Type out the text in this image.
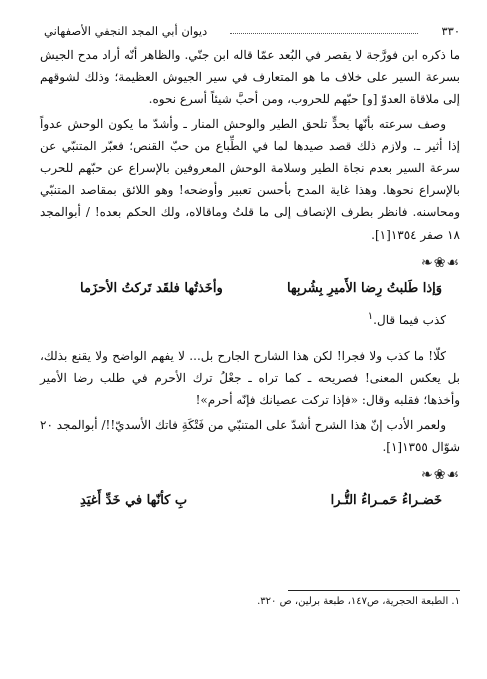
٣٣٠
ديوان أبي المجد النجفي الأصفهاني

ما ذكره ابن فورَّجة لا يقصر في البُعد عمّا قاله ابن جنّي. والظاهر أنّه أراد مدح الجيش بسرعة السير على خلاف ما هو المتعارف في سير الجيوش العظيمة؛ وذلك لشوقهم إلى ملاقاة العدوّ [و] حبّهم للحروب، ومن أحبَّ شيئاً أسرع نحوه.

وصف سرعته بأنّها بحدٍّ تلحق الطير والوحش المنار ـ وأشدّ ما يكون الوحش عدواً إذا أثير ـ. ولازم ذلك قصد صيدها لما في الطِّباع من حبّ القنص؛ فعبّر المتنبّي عن سرعة السير بعدم نجاة الطير وسلامة الوحش المعروفين بالإسراع عن حبّهم للحرب بالإسراع نحوها. وهذا غاية المدح بأحسن تعبير وأوضحه! وهو اللائق بمقاصد المتنبّي ومحاسنه. فانظر بطرف الإنصاف إلى ما قلتُ وماقالاه، ولك الحكم بعده! / أبوالمجد ١٨ صفر ١٣٥٤[١].

☙❀❧
وَإذا طَلبتُ رِضا الأَميرِ بِشُربِها
وأخَذتُها فلقَد تَركتُ الأحزَما

كذب فيما قال.$^١$

كلّا! ما كذب ولا فجرا! لكن هذا الشارح الجارح بل... لا يفهم الواضح ولا يقنع بذلك، بل يعكس المعنى! فصريحه ـ كما تراه ـ جعْلُ ترك الأحرم في طلب رضا الأمير وأخذها؛ فقلبه وقال: «فإذا تركت عصيانك فإنّه أحرم»!

ولعمر الأدب إنّ هذا الشرح أشدّ على المتنبّي من فَتْكَةِ فاتك الأسديّ!!/ أبوالمجد ٢٠ شوّال ١٣٥٥[١].

☙❀❧
خَضـراءُ حَمـراءُ التُّـرا
بِ كأنّها في خَدِّ أَغيَدِ
١. الطبعة الحجرية، ص١٤٧، طبعة برلين، ص ٣٢٠.
